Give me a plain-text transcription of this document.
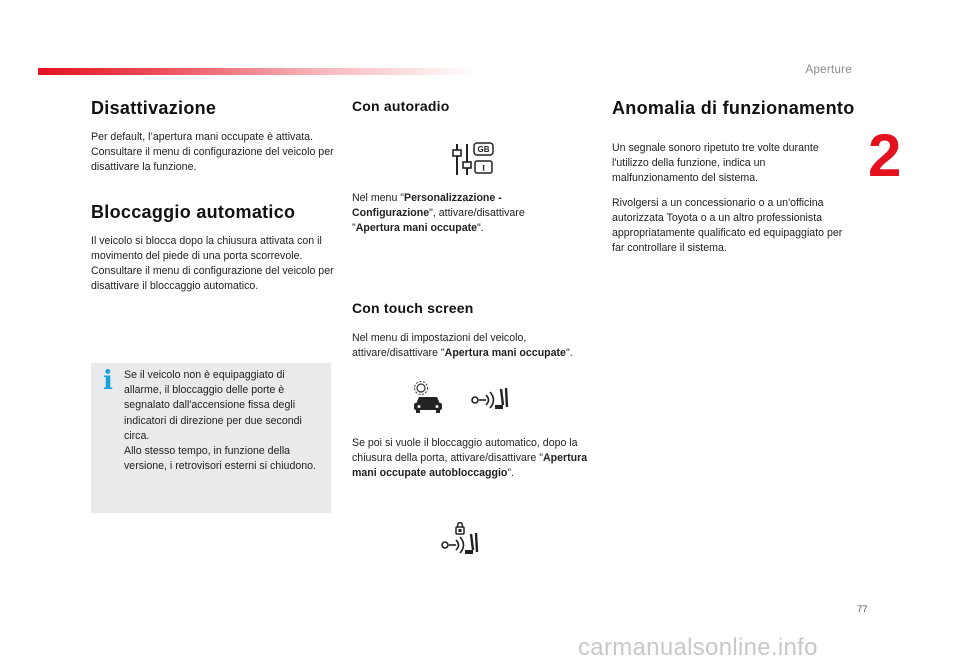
Aperture
2
Disattivazione

Per default, l’apertura mani occupate è attivata.
Consultare il menu di configurazione del veicolo per disattivare la funzione.

Bloccaggio automatico

Il veicolo si blocca dopo la chiusura attivata con il movimento del piede di una porta scorrevole.
Consultare il menu di configurazione del veicolo per disattivare il bloccaggio automatico.

i Se il veicolo non è equipaggiato di allarme, il bloccaggio delle porte è segnalato dall'accensione fissa degli indicatori di direzione per due secondi circa.
Allo stesso tempo, in funzione della versione, i retrovisori esterni si chiudono.

Con autoradio
GB
I

Nel menu "Personalizzazione - Configurazione", attivare/disattivare "Apertura mani occupate".

Con touch screen

Nel menu di impostazioni del veicolo, attivare/disattivare "Apertura mani occupate".

Se poi si vuole il bloccaggio automatico, dopo la chiusura della porta, attivare/disattivare "Apertura mani occupate autobloccaggio".

Anomalia di funzionamento

Un segnale sonoro ripetuto tre volte durante l'utilizzo della funzione, indica un malfunzionamento del sistema.

Rivolgersi a un concessionario o a un'officina autorizzata Toyota o a un altro professionista appropriatamente qualificato ed equipaggiato per far controllare il sistema.

77
carmanualsonline.info
